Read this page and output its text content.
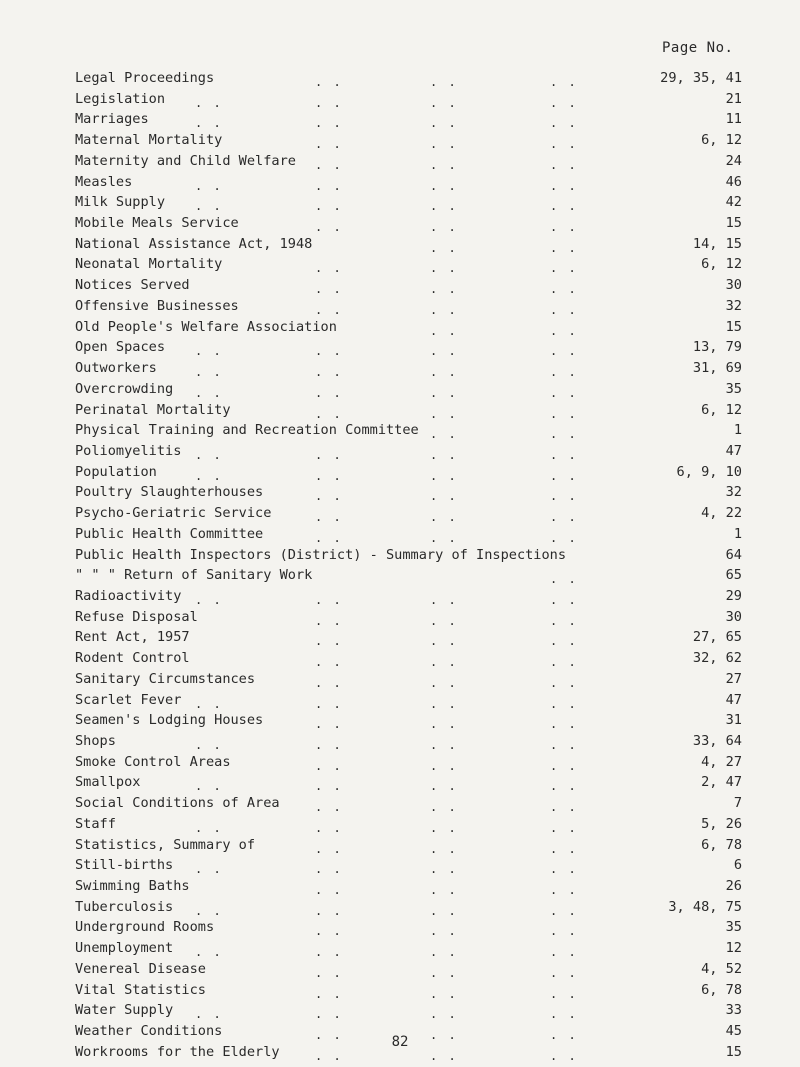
Page No.
Legal Proceedings	. .	. .	. .	29, 35, 41
Legislation . .	. .	. .	. .	21
Marriages	. .	. .	. .	. .	11
Maternal Mortality	. .	. .	. .	6, 12
Maternity and Child Welfare . .	. .	. .	24
Measles	. .	. .	. .	. .	46
Milk Supply . .	. .	. .	. .	42
Mobile Meals Service	. .	. .	. .	15
National Assistance Act, 1948	. .	. .	14, 15
Neonatal Mortality	. .	. .	. .	6, 12
Notices Served	. .	. .	. .	30
Offensive Businesses	. .	. .	. .	32
Old People's Welfare Association	. .	. .	15
Open Spaces . .	. .	. .	. .	13, 79
Outworkers	. .	. .	. .	. .	31, 69
Overcrowding . .	. .	. .	. .	35
Perinatal Mortality	. .	. .	. .	6, 12
Physical Training and Recreation Committee . .	. .	1
Poliomyelitis . .	. .	. .	. .	47
Population	. .	. .	. .	. .	6, 9, 10
Poultry Slaughterhouses	. .	. .	. .	32
Psycho-Geriatric Service	. .	. .	. .	4, 22
Public Health Committee	. .	. .	. .	1
Public Health Inspectors (District) - Summary of Inspections	64
" " " Return of Sanitary Work	. .	65
Radioactivity . .	. .	. .	. .	29
Refuse Disposal	. .	. .	. .	30
Rent Act, 1957	. .	. .	. .	27, 65
Rodent Control	. .	. .	. .	32, 62
Sanitary Circumstances	. .	. .	. .	27
Scarlet Fever . .	. .	. .	. .	47
Seamen's Lodging Houses	. .	. .	. .	31
Shops	. .	. .	. .	. .	33, 64
Smoke Control Areas	. .	. .	. .	4, 27
Smallpox	. .	. .	. .	. .	2, 47
Social Conditions of Area	. .	. .	. .	7
Staff	. .	. .	. .	. .	5, 26
Statistics, Summary of	. .	. .	. .	6, 78
Still-births . .	. .	. .	. .	6
Swimming Baths	. .	. .	. .	26
Tuberculosis . .	. .	. .	. .	3, 48, 75
Underground Rooms	. .	. .	. .	35
Unemployment . .	. .	. .	. .	12
Venereal Disease	. .	. .	. .	4, 52
Vital Statistics	. .	. .	. .	6, 78
Water Supply . .	. .	. .	. .	33
Weather Conditions	. .	. .	. .	45
Workrooms for the Elderly	. .	. .	. .	15
82
